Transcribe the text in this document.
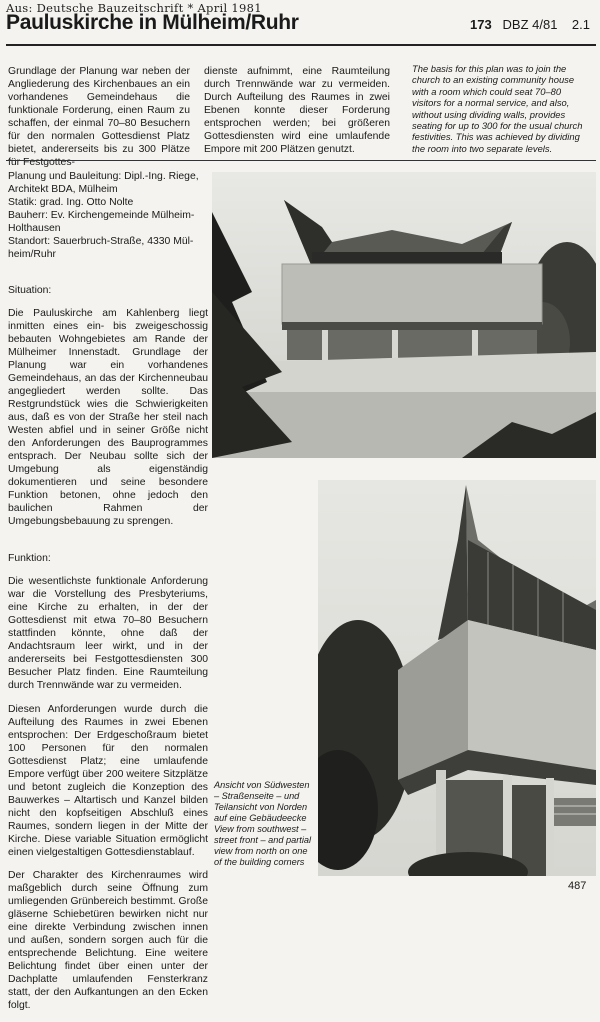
Aus: Deutsche Bauzeitschrift * April 1981
Pauluskirche in Mülheim/Ruhr	173 DBZ 4/81 2.1

Grundlage der Planung war neben der Angliederung des Kirchenbaues an ein vorhandenes Gemeindehaus die funktionale Forderung, einen Raum zu schaffen, der einmal 70–80 Besuchern für den normalen Gottesdienst Platz bietet, andererseits bis zu 300 Plätze für Festgottes-

dienste aufnimmt, eine Raumteilung durch Trennwände war zu vermeiden. Durch Aufteilung des Raumes in zwei Ebenen konnte dieser Forderung entsprochen werden; bei größeren Gottesdiensten wird eine umlaufende Empore mit 200 Plätzen genutzt.

The basis for this plan was to join the church to an existing community house with a room which could seat 70–80 visitors for a normal service, and also, without using dividing walls, provides seating for up to 300 for the usual church festivities. This was achieved by dividing the room into two separate levels.
Planung und Bauleitung: Dipl.-Ing. Riege,
Architekt BDA, Mülheim
Statik: grad. Ing. Otto Nolte
Bauherr: Ev. Kirchengemeinde Mülheim-
Holthausen
Standort: Sauerbruch-Straße, 4330 Mül-
heim/Ruhr

Situation:

Die Pauluskirche am Kahlenberg liegt inmitten eines ein- bis zweigeschossig bebauten Wohngebietes am Rande der Mülheimer Innenstadt. Grundlage der Planung war ein vorhandenes Gemeindehaus, an das der Kirchenneubau angegliedert werden sollte. Das Restgrundstück wies die Schwierigkeiten aus, daß es von der Straße her steil nach Westen abfiel und in seiner Größe nicht den Anforderungen des Bauprogrammes entsprach. Der Neubau sollte sich der Umgebung als eigenständig dokumentieren und seine besondere Funktion betonen, ohne jedoch den baulichen Rahmen der Umgebungsbebauung zu sprengen.

Funktion:

Die wesentlichste funktionale Anforderung war die Vorstellung des Presbyteriums, eine Kirche zu erhalten, in der der Gottesdienst mit etwa 70–80 Besuchern stattfinden könnte, ohne daß der Andachtsraum leer wirkt, und in der andererseits bei Festgottesdiensten 300 Besucher Platz finden. Eine Raumteilung durch Trennwände war zu vermeiden.

Diesen Anforderungen wurde durch die Aufteilung des Raumes in zwei Ebenen entsprochen: Der Erdgeschoßraum bietet 100 Personen für den normalen Gottesdienst Platz; eine umlaufende Empore verfügt über 200 weitere Sitzplätze und betont zugleich die Konzeption des Bauwerkes – Altartisch und Kanzel bilden nicht den kopfseitigen Abschluß eines Raumes, sondern liegen in der Mitte der Kirche. Diese variable Situation ermöglicht einen vielgestaltigen Gottesdienstablauf.

Der Charakter des Kirchenraumes wird maßgeblich durch seine Öffnung zum umliegenden Grünbereich bestimmt. Große gläserne Schiebetüren bewirken nicht nur eine direkte Verbindung zwischen innen und außen, sondern sorgen auch für die entsprechende Belichtung. Eine weitere Belichtung findet über einen unter der Dachplatte umlaufenden Fensterkranz statt, der den Aufkantungen an den Ecken folgt.

Ansicht von Südwesten – Straßenseite – und Teilansicht von Norden auf eine Gebäudeecke

View from southwest – street front – and partial view from north on one of the building corners

487
